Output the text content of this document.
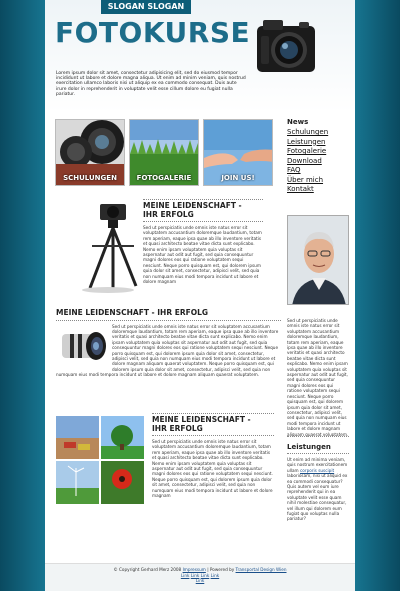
SLOGAN SLOGAN
FOTOKURSE
Lorem ipsum dolor sit amet, consectetur adipisicing elit, sed do eiusmod tempor incididunt ut labore et dolore magna aliqua. Ut enim ad minim veniam, quis nostrud exercitation ullamco laboris nisi ut aliquip ex ea commodo consequat. Duis aute irure dolor in reprehenderit in voluptate velit esse cillum dolore eu fugiat nulla pariatur.
SCHULUNGEN	FOTOGALERIE	JOIN US!
News
Schulungen
Leistungen
Fotogalerie
Download
FAQ
Über mich
Kontakt
MEINE LEIDENSCHAFT -
IHR ERFOLG
Sed ut perspiciatis unde omnis iste natus error sit voluptatem accusantium doloremque laudantium, totam rem aperiam, eaque ipsa quae ab illo inventore veritatis et quasi architecto beatae vitae dicta sunt explicabo. Nemo enim ipsam voluptatem quia voluptas sit aspernatur aut odit aut fugit, sed quia consequuntur magni dolores eos qui ratione voluptatem sequi nesciunt. Neque porro quisquam est, qui dolorem ipsum quia dolor sit amet, consectetur, adipisci velit, sed quia non numquam eius modi tempora incidunt ut labore et dolore magnam
MEINE LEIDENSCHAFT - IHR ERFOLG
Sed ut perspiciatis unde omnis iste natus error sit voluptatem accusantium doloremque laudantium, totam rem aperiam, eaque ipsa quae ab illo inventore veritatis et quasi architecto beatae vitae dicta sunt explicabo. Nemo enim ipsam voluptatem quia voluptas sit aspernatur aut odit aut fugit, sed quia consequuntur magni dolores eos qui ratione voluptatem sequi nesciunt. Neque porro quisquam est, qui dolorem ipsum quia dolor sit amet, consectetur, adipisci velit, sed quia non numquam eius modi tempora incidunt ut labore et dolore magnam aliquam quaerat voluptatem. Neque porro quisquam est, qui dolorem ipsum quia dolor sit amet, consectetur, adipisci velit, sed quia non numquam eius modi tempora incidunt ut labore et dolore magnam aliquam quaerat voluptatem.
MEINE LEIDENSCHAFT -
IHR ERFOLG
Sed ut perspiciatis unde omnis iste natus error sit voluptatem accusantium doloremque laudantium, totam rem aperiam, eaque ipsa quae ab illo inventore veritatis et quasi architecto beatae vitae dicta sunt explicabo. Nemo enim ipsam voluptatem quia voluptas sit aspernatur aut odit aut fugit, sed quia consequuntur magni dolores eos qui ratione voluptatem sequi nesciunt. Neque porro quisquam est, qui dolorem ipsum quia dolor sit amet, consectetur, adipisci velit, sed quia non numquam eius modi tempora incidunt ut labore et dolore magnam
Sed ut perspiciatis unde omnis iste natus error sit voluptatem accusantium doloremque laudantium, totam rem aperiam, eaque ipsa quae ab illo inventore veritatis et quasi architecto beatae vitae dicta sunt explicabo. Nemo enim ipsam voluptatem quia voluptas sit aspernatur aut odit aut fugit, sed quia consequuntur magni dolores eos qui ratione voluptatem sequi nesciunt. Neque porro quisquam est, qui dolorem ipsum quia dolor sit amet, consectetur, adipisci velit, sed quia non numquam eius modi tempora incidunt ut labore et dolore magnam aliquam quaerat voluptatem.
Leistungen
Ut enim ad minima veniam, quis nostrum exercitationem ullam corporis suscipit laboriosam, nisi ut aliquid ex ea commodi consequatur? Quis autem vel eum iure reprehenderit qui in ea voluptate velit esse quam nihil molestiae consequatur, vel illum qui dolorem eum fugiat quo voluptas nulla pariatur?
© Copyright Gerhard Merz 2008 Impressum | Powered by Transportal Design Wien
Link Link Link Link
Link
